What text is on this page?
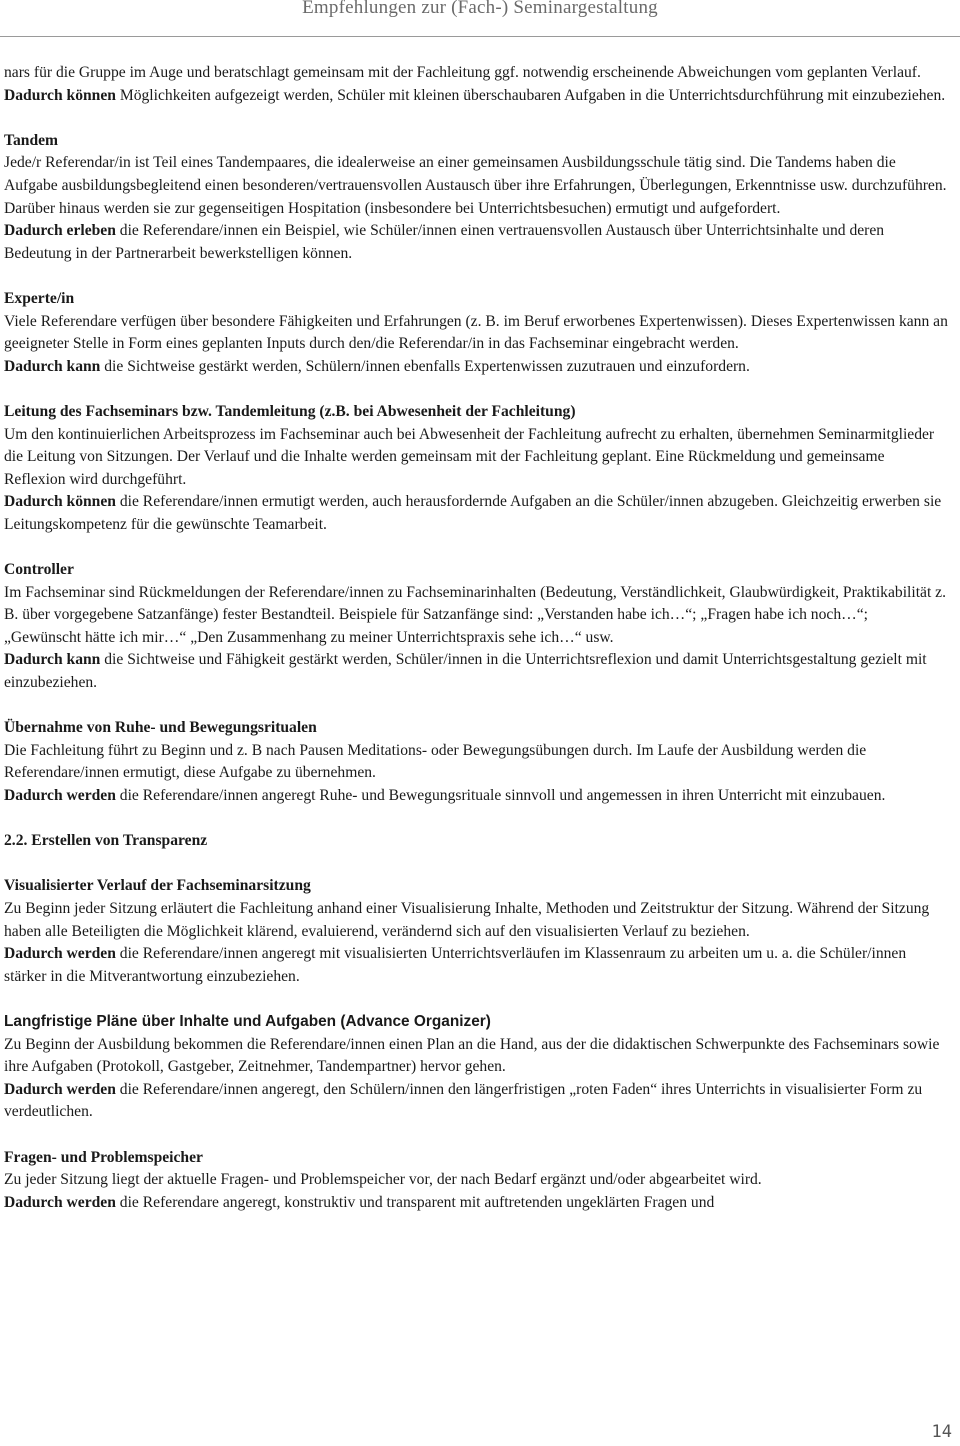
Empfehlungen zur (Fach-) Seminargestaltung

nars für die Gruppe im Auge und beratschlagt gemeinsam mit der Fachleitung ggf. notwendig erscheinende Abweichungen vom geplanten Verlauf.

Dadurch können Möglichkeiten aufgezeigt werden, Schüler mit kleinen überschaubaren Aufgaben in die Unterrichtsdurchführung mit einzubeziehen.

Tandem

Jede/r Referendar/in ist Teil eines Tandempaares, die idealerweise an einer gemeinsamen Ausbildungsschule tätig sind. Die Tandems haben die Aufgabe ausbildungsbegleitend einen besonderen/vertrauensvollen Austausch über ihre Erfahrungen, Überlegungen, Erkenntnisse usw. durchzuführen. Darüber hinaus werden sie zur gegenseitigen Hospitation (insbesondere bei Unterrichtsbesuchen) ermutigt und aufgefordert.

Dadurch erleben die Referendare/innen ein Beispiel, wie Schüler/innen einen vertrauensvollen Austausch über Unterrichtsinhalte und deren Bedeutung in der Partnerarbeit bewerkstelligen können.

Experte/in

Viele Referendare verfügen über besondere Fähigkeiten und Erfahrungen (z. B. im Beruf erworbenes Expertenwissen). Dieses Expertenwissen kann an geeigneter Stelle in Form eines geplanten Inputs durch den/die Referendar/in in das Fachseminar eingebracht werden.

Dadurch kann die Sichtweise gestärkt werden, Schülern/innen ebenfalls Expertenwissen zuzutrauen und einzufordern.

Leitung des Fachseminars bzw. Tandemleitung (z.B. bei Abwesenheit der Fachleitung)

Um den kontinuierlichen Arbeitsprozess im Fachseminar auch bei Abwesenheit der Fachleitung aufrecht zu erhalten, übernehmen Seminarmitglieder die Leitung von Sitzungen. Der Verlauf und die Inhalte werden gemeinsam mit der Fachleitung geplant. Eine Rückmeldung und gemeinsame Reflexion wird durchgeführt.

Dadurch können die Referendare/innen ermutigt werden, auch herausfordernde Aufgaben an die Schüler/innen abzugeben. Gleichzeitig erwerben sie Leitungskompetenz für die gewünschte Teamarbeit.

Controller

Im Fachseminar sind Rückmeldungen der Referendare/innen zu Fachseminarinhalten (Bedeutung, Verständlichkeit, Glaubwürdigkeit, Praktikabilität z. B. über vorgegebene Satzanfänge) fester Bestandteil. Beispiele für Satzanfänge sind: „Verstanden habe ich…“; „Fragen habe ich noch…“; „Gewünscht hätte ich mir…“ „Den Zusammenhang zu meiner Unterrichtspraxis sehe ich…“ usw.

Dadurch kann die Sichtweise und Fähigkeit gestärkt werden, Schüler/innen in die Unterrichtsreflexion und damit Unterrichtsgestaltung gezielt mit einzubeziehen.

Übernahme von Ruhe- und Bewegungsritualen

Die Fachleitung führt zu Beginn und z. B nach Pausen Meditations- oder Bewegungsübungen durch. Im Laufe der Ausbildung werden die Referendare/innen ermutigt, diese Aufgabe zu übernehmen.

Dadurch werden die Referendare/innen angeregt Ruhe- und Bewegungsrituale sinnvoll und angemessen in ihren Unterricht mit einzubauen.

2.2. Erstellen von Transparenz
Visualisierter Verlauf der Fachseminarsitzung

Zu Beginn jeder Sitzung erläutert die Fachleitung anhand einer Visualisierung Inhalte, Methoden und Zeitstruktur der Sitzung. Während der Sitzung haben alle Beteiligten die Möglichkeit klärend, evaluierend, verändernd sich auf den visualisierten Verlauf zu beziehen.

Dadurch werden die Referendare/innen angeregt mit visualisierten Unterrichtsverläufen im Klassenraum zu arbeiten um u. a. die Schüler/innen stärker in die Mitverantwortung einzubeziehen.

Langfristige Pläne über Inhalte und Aufgaben (Advance Organizer)

Zu Beginn der Ausbildung bekommen die Referendare/innen einen Plan an die Hand, aus der die didaktischen Schwerpunkte des Fachseminars sowie ihre Aufgaben (Protokoll, Gastgeber, Zeitnehmer, Tandempartner) hervor gehen.

Dadurch werden die Referendare/innen angeregt, den Schülern/innen den längerfristigen „roten Faden“ ihres Unterrichts in visualisierter Form zu verdeutlichen.

Fragen- und Problemspeicher

Zu jeder Sitzung liegt der aktuelle Fragen- und Problemspeicher vor, der nach Bedarf ergänzt und/oder abgearbeitet wird.

Dadurch werden die Referendare angeregt, konstruktiv und transparent mit auftretenden ungeklärten Fragen und

14
